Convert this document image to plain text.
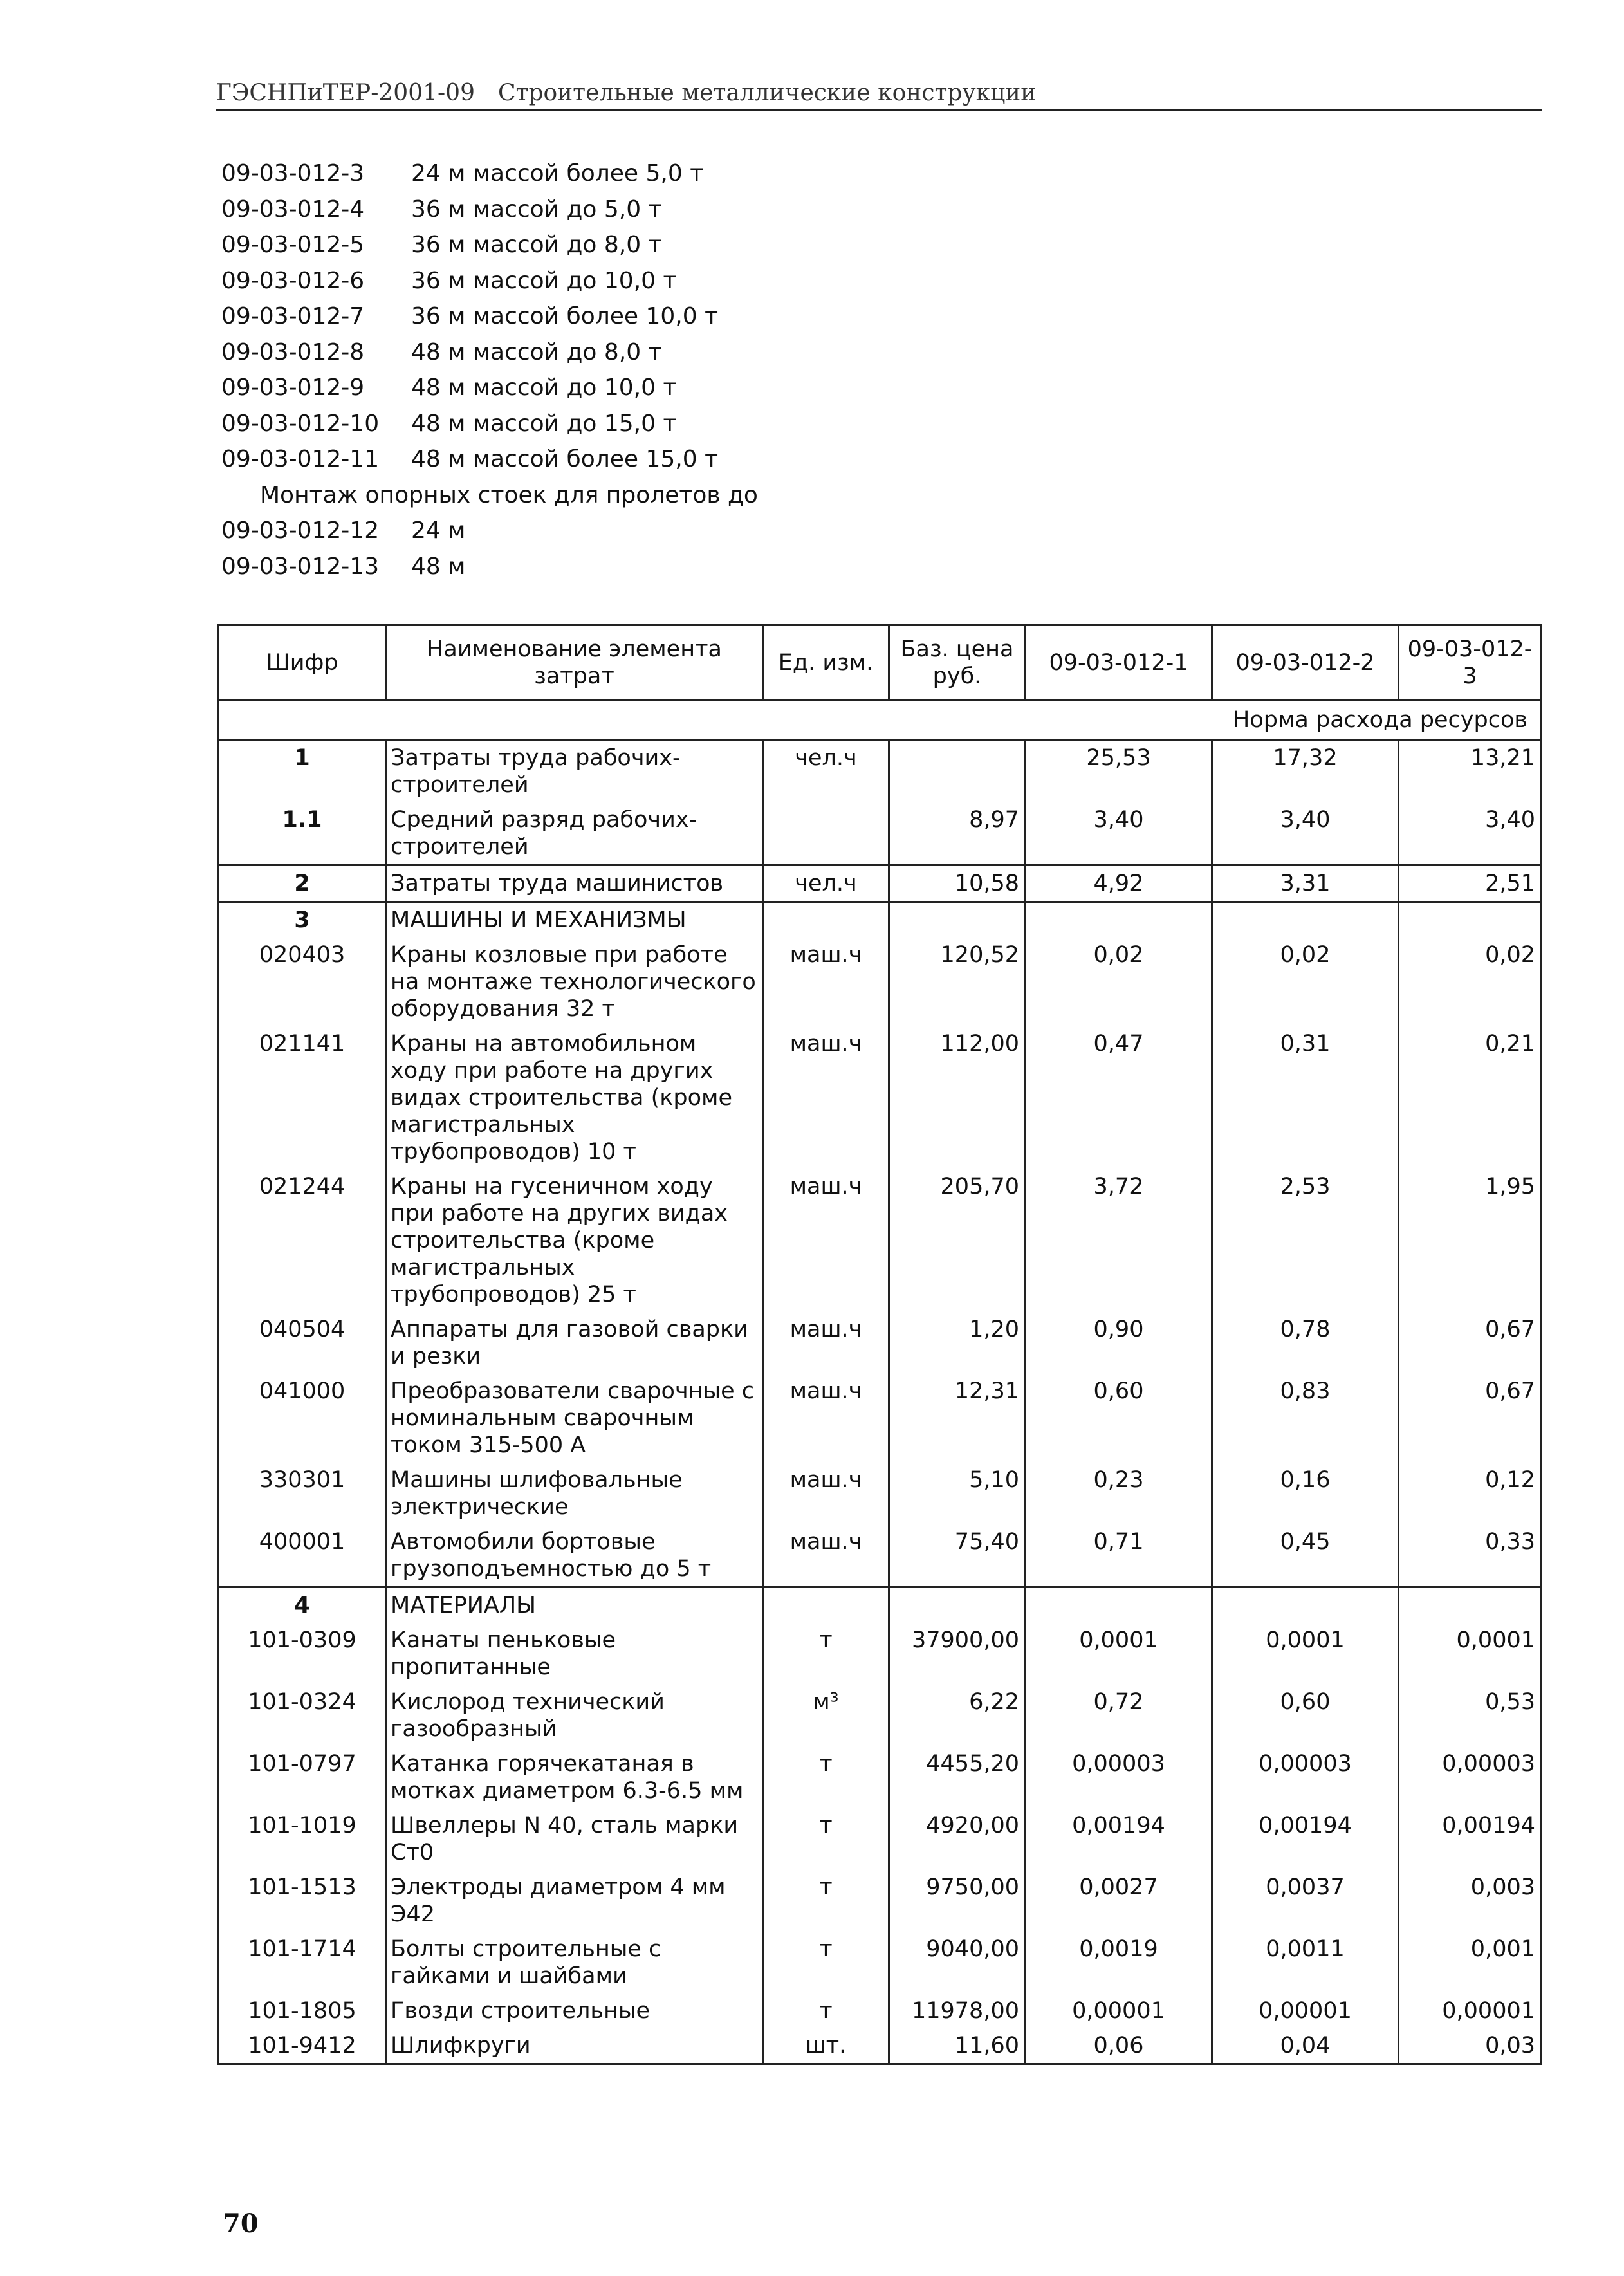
ГЭСНПиТЕР-2001-09 Строительные металлические конструкции
09-03-012-3	24 м массой более 5,0 т
09-03-012-4	36 м массой до 5,0 т
09-03-012-5	36 м массой до 8,0 т
09-03-012-6	36 м массой до 10,0 т
09-03-012-7	36 м массой более 10,0 т
09-03-012-8	48 м массой до 8,0 т
09-03-012-9	48 м массой до 10,0 т
09-03-012-10	48 м массой до 15,0 т
09-03-012-11	48 м массой более 15,0 т
Монтаж опорных стоек для пролетов до
09-03-012-12	24 м
09-03-012-13	48 м
Шифр	Наименование элемента затрат	Ед. изм.	Баз. цена руб.	09-03-012-1	09-03-012-2	09-03-012-3
Норма расхода ресурсов						
1	Затраты труда рабочих-строителей	чел.ч		25,53	17,32	13,21
1.1	Средний разряд рабочих-строителей		8,97	3,40	3,40	3,40
2	Затраты труда машинистов	чел.ч	10,58	4,92	3,31	2,51
3	МАШИНЫ И МЕХАНИЗМЫ					
020403	Краны козловые при работе на монтаже технологического оборудования 32 т	маш.ч	120,52	0,02	0,02	0,02
021141	Краны на автомобильном ходу при работе на других видах строительства (кроме магистральных трубопроводов) 10 т	маш.ч	112,00	0,47	0,31	0,21
021244	Краны на гусеничном ходу при работе на других видах строительства (кроме магистральных трубопроводов) 25 т	маш.ч	205,70	3,72	2,53	1,95
040504	Аппараты для газовой сварки и резки	маш.ч	1,20	0,90	0,78	0,67
041000	Преобразователи сварочные с номинальным сварочным током 315-500 А	маш.ч	12,31	0,60	0,83	0,67
330301	Машины шлифовальные электрические	маш.ч	5,10	0,23	0,16	0,12
400001	Автомобили бортовые грузоподъемностью до 5 т	маш.ч	75,40	0,71	0,45	0,33
4	МАТЕРИАЛЫ					
101-0309	Канаты пеньковые пропитанные	т	37900,00	0,0001	0,0001	0,0001
101-0324	Кислород технический газообразный	м³	6,22	0,72	0,60	0,53
101-0797	Катанка горячекатаная в мотках диаметром 6.3-6.5 мм	т	4455,20	0,00003	0,00003	0,00003
101-1019	Швеллеры N 40, сталь марки Ст0	т	4920,00	0,00194	0,00194	0,00194
101-1513	Электроды диаметром 4 мм Э42	т	9750,00	0,0027	0,0037	0,003
101-1714	Болты строительные с гайками и шайбами	т	9040,00	0,0019	0,0011	0,001
101-1805	Гвозди строительные	т	11978,00	0,00001	0,00001	0,00001
101-9412	Шлифкруги	шт.	11,60	0,06	0,04	0,03
70
